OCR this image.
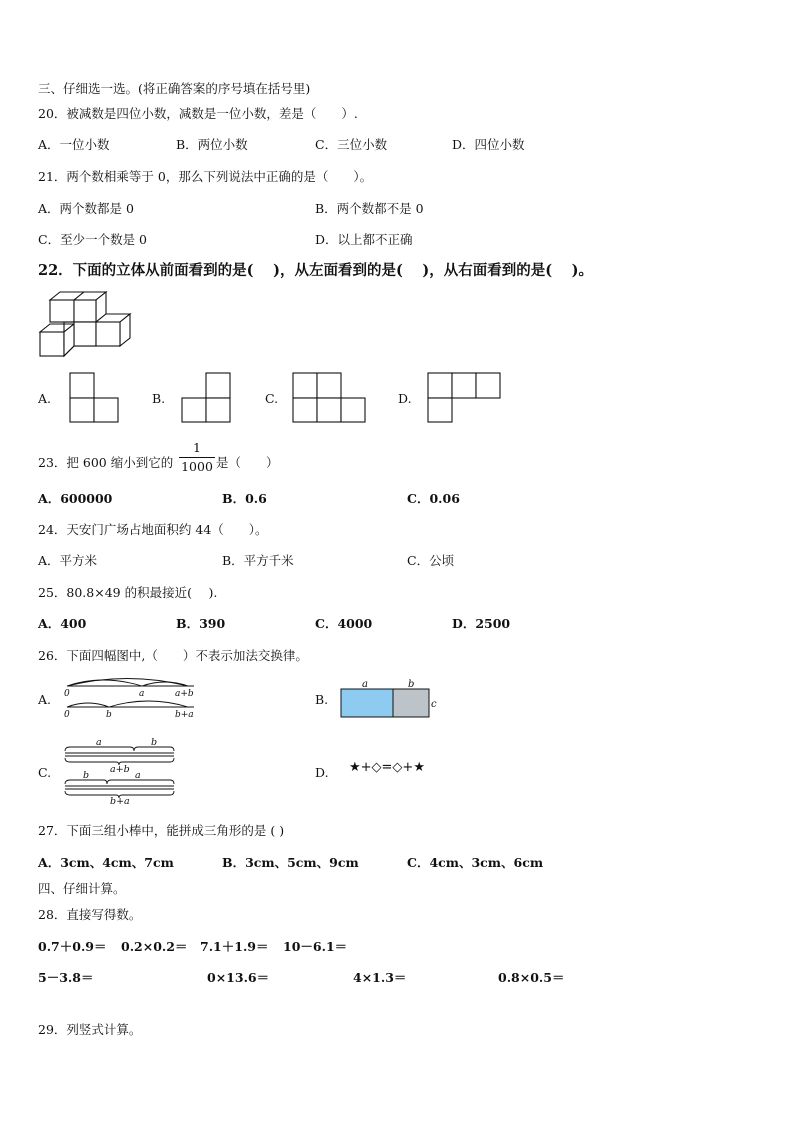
三、仔细选一选。(将正确答案的序号填在括号里)
20．被减数是四位小数，减数是一位小数，差是（　　）.
A．一位小数	B．两位小数	C．三位小数	D．四位小数
21．两个数相乘等于 0，那么下列说法中正确的是（　　）。
A．两个数都是 0	B．两个数都不是 0
C．至少一个数是 0	D．以上都不正确
22．下面的立体从前面看到的是(　 )，从左面看到的是(　 )，从右面看到的是(　 )。
A.	B.	C.	D.
23．把 600 缩小到它的
1
1000 是（　　）
A．600000	B．0.6	C．0.06
24．天安门广场占地面积约 44（　　）。
A．平方米	B．平方千米	C．公顷
25．80.8×49 的积最接近(　 ).
A．400	B．390	C．4000	D．2500
26．下面四幅图中,（　　）不表示加法交换律。
A. 0	a	a+b
0	b	b+a
B.
a	b
c
C.
a	b
a+b
b	a
b+a
D. ★+◇=◇+★
27．下面三组小棒中，能拼成三角形的是 ( )
A．3cm、4cm、7cm	B．3cm、5cm、9cm	C．4cm、3cm、6cm
四、仔细计算。
28．直接写得数。
0.7＋0.9＝ 0.2×0.2＝ 7.1＋1.9＝ 10－6.1＝
5－3.8＝	0×13.6＝	4×1.3＝	0.8×0.5＝
29．列竖式计算。
